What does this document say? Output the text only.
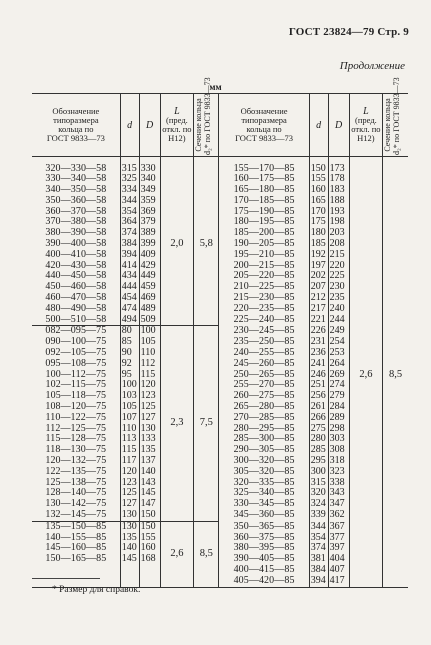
ГОСТ 23824—79 Стр. 9
Продолжение
мм
Обозначение
типоразмера
кольца по
ГОСТ 9833—73	d	D	L
(пред.
откл. по
H12)	Сечение кольца
d₂* по ГОСТ 9833—73	Обозначение
типоразмера
кольца по
ГОСТ 9833—73	d	D	L
(пред.
откл. по
H12)	Сечение кольца
d₂* по ГОСТ 9833—73

320—330—58	315	330	2,0	5,8	155—170—85	150	173	2,6	8,5
330—340—58	325	340			160—175—85	155	178		
340—350—58	334	349			165—180—85	160	183		
350—360—58	344	359			170—185—85	165	188		
360—370—58	354	369			175—190—85	170	193		
370—380—58	364	379			180—195—85	175	198		
380—390—58	374	389			185—200—85	180	203		
390—400—58	384	399			190—205—85	185	208		
400—410—58	394	409			195—210—85	192	215		
420—430—58	414	429			200—215—85	197	220		
440—450—58	434	449			205—220—85	202	225		
450—460—58	444	459			210—225—85	207	230		
460—470—58	454	469			215—230—85	212	235		
480—490—58	474	489			220—235—85	217	240		
500—510—58	494	509			225—240—85	221	244		
082—095—75	80	100	2,3	7,5	230—245—85	226	249		
090—100—75	85	105			235—250—85	231	254		
092—105—75	90	110			240—255—85	236	253		
095—108—75	92	112			245—260—85	241	264		
100—112—75	95	115			250—265—85	246	269		
102—115—75	100	120			255—270—85	251	274		
105—118—75	103	123			260—275—85	256	279		
108—120—75	105	125			265—280—85	261	284		
110—122—75	107	127			270—285—85	266	289		
112—125—75	110	130			280—295—85	275	298		
115—128—75	113	133			285—300—85	280	303		
118—130—75	115	135			290—305—85	285	308		
120—132—75	117	137			300—320—85	295	318		
122—135—75	120	140			305—320—85	300	323		
125—138—75	123	143			320—335—85	315	338		
128—140—75	125	145			325—340—85	320	343		
130—142—75	127	147			330—345—85	324	347		
132—145—75	130	150			345—360—85	339	362		
135—150—85	130	150	2,6	8,5	350—365—85	344	367		
140—155—85	135	155			360—375—85	354	377		
145—160—85	140	160			380—395—85	374	397		
150—165—85	145	168			390—405—85	381	404		
					400—415—85	384	407		
					405—420—85	394	417		
* Размер для справок.
